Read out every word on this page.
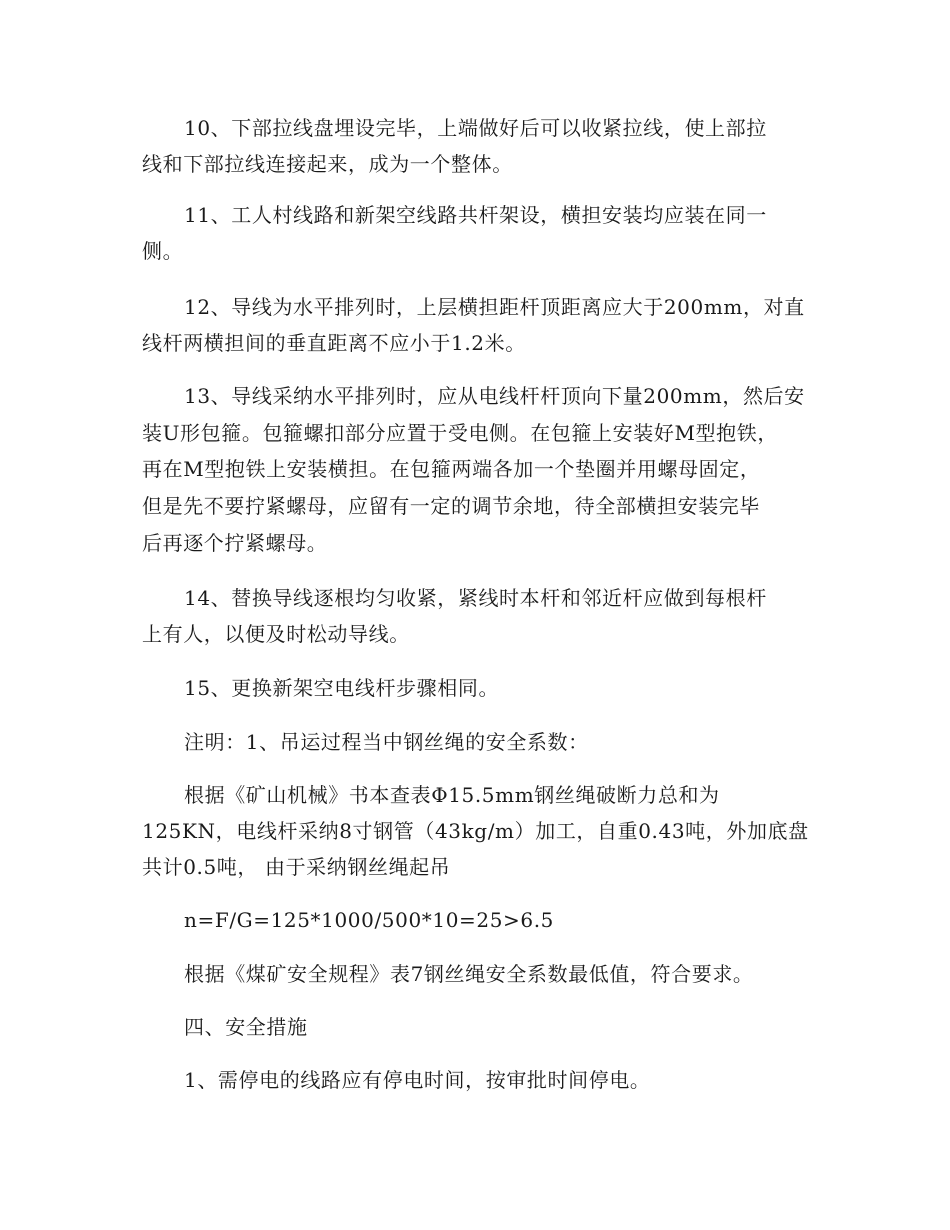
10、下部拉线盘埋设完毕，上端做好后可以收紧拉线，使上部拉

线和下部拉线连接起来，成为一个整体。

11、工人村线路和新架空线路共杆架设，横担安装均应装在同一

侧。

12、导线为水平排列时，上层横担距杆顶距离应大于200mm，对直

线杆两横担间的垂直距离不应小于1.2米。

13、导线采纳水平排列时，应从电线杆杆顶向下量200mm，然后安

装U形包箍。包箍螺扣部分应置于受电侧。在包箍上安装好M型抱铁，

再在M型抱铁上安装横担。在包箍两端各加一个垫圈并用螺母固定，

但是先不要拧紧螺母，应留有一定的调节余地，待全部横担安装完毕

后再逐个拧紧螺母。

14、替换导线逐根均匀收紧，紧线时本杆和邻近杆应做到每根杆

上有人，以便及时松动导线。

15、更换新架空电线杆步骤相同。

注明：1、吊运过程当中钢丝绳的安全系数：

根据《矿山机械》书本查表Φ15.5mm钢丝绳破断力总和为

125KN，电线杆采纳8寸钢管（43kg/m）加工，自重0.43吨，外加底盘

共计0.5吨， 由于采纳钢丝绳起吊

n=F/G=125*1000/500*10=25>6.5

根据《煤矿安全规程》表7钢丝绳安全系数最低值，符合要求。

四、安全措施

1、需停电的线路应有停电时间，按审批时间停电。
